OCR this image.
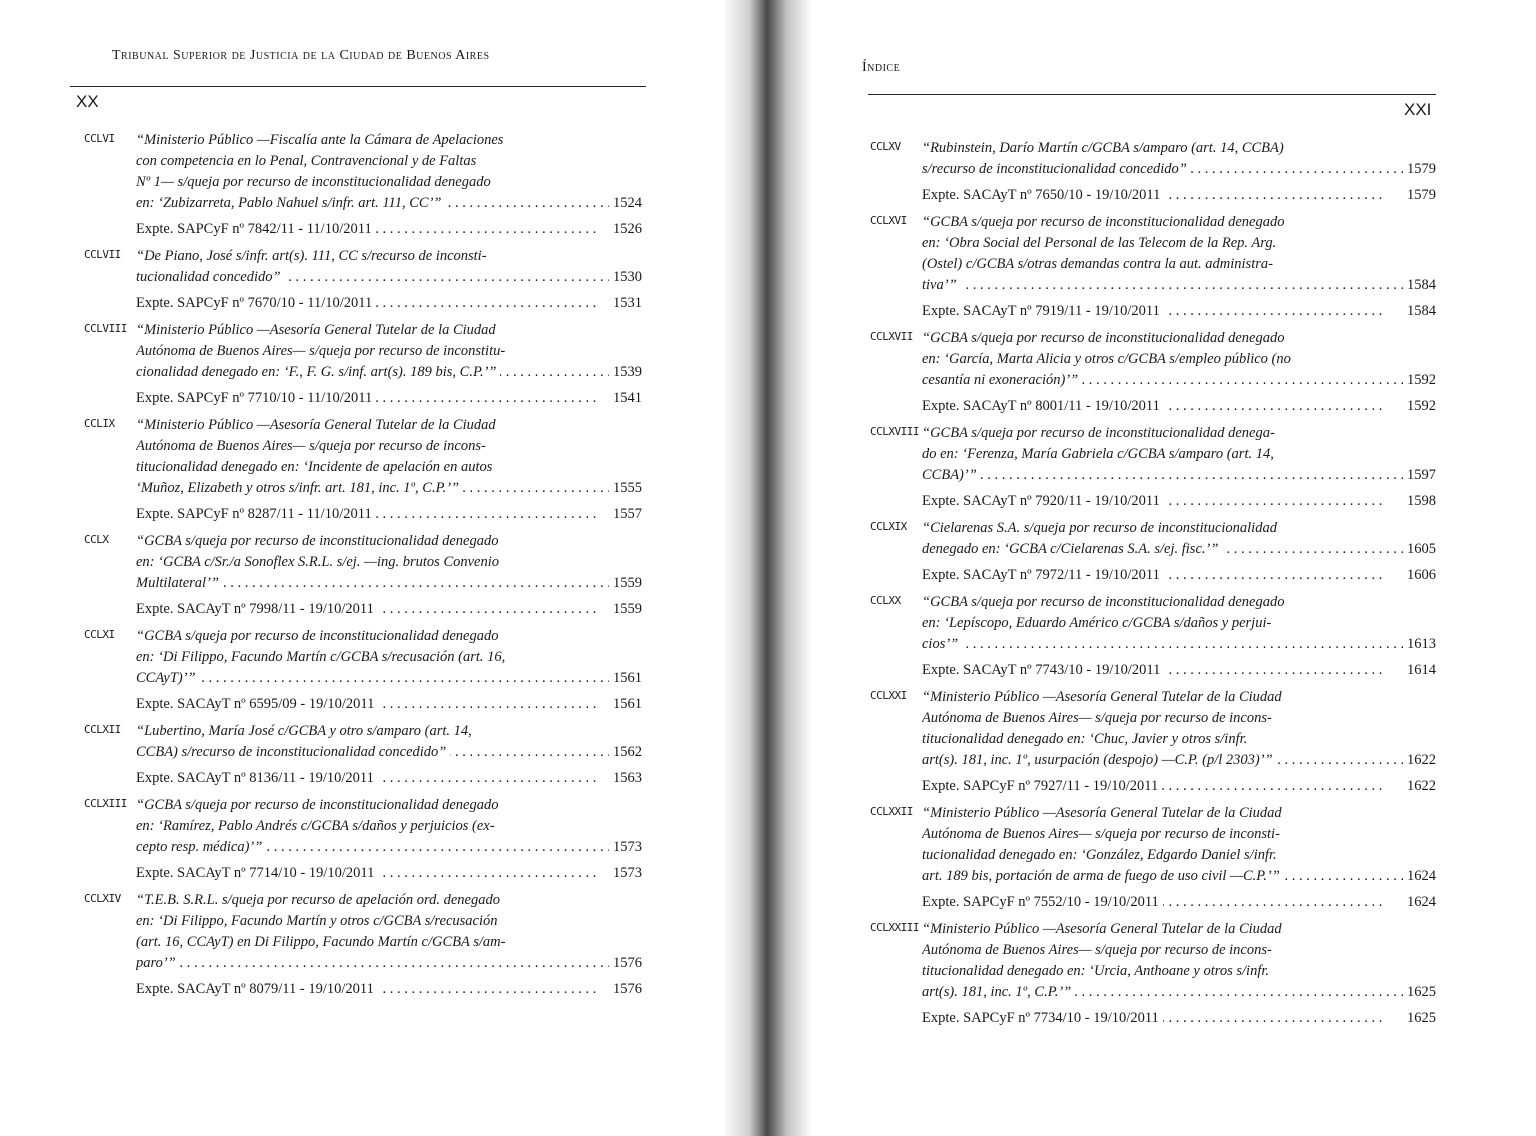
Tribunal Superior de Justicia de la Ciudad de Buenos Aires
XX
CCLVI “Ministerio Público —Fiscalía ante la Cámara de Apelaciones
con competencia en lo Penal, Contravencional y de Faltas
Nº 1— s/queja por recurso de inconstitucionalidad denegado
en: ‘Zubizarreta, Pablo Nahuel s/infr. art. 111, CC’”	1524
. . .
Expte. SAPCyF nº 7842/11 - 11/10/2011	1526
. . .
CCLVII “De Piano, José s/infr. art(s). 111, CC s/recurso de inconsti-
tucionalidad concedido”	1530
. . .
Expte. SAPCyF nº 7670/10 - 11/10/2011	1531
. . .
CCLVIII “Ministerio Público —Asesoría General Tutelar de la Ciudad
Autónoma de Buenos Aires— s/queja por recurso de inconstitu-
cionalidad denegado en: ‘F., F. G. s/inf. art(s). 189 bis, C.P.’”	1539
. . .
Expte. SAPCyF nº 7710/10 - 11/10/2011	1541
. . .
CCLIX “Ministerio Público —Asesoría General Tutelar de la Ciudad
Autónoma de Buenos Aires— s/queja por recurso de incons-
titucionalidad denegado en: ‘Incidente de apelación en autos
‘Muñoz, Elizabeth y otros s/infr. art. 181, inc. 1º, C.P.’”	1555
. . .
Expte. SAPCyF nº 8287/11 - 11/10/2011	1557
. . .
CCLX “GCBA s/queja por recurso de inconstitucionalidad denegado
en: ‘GCBA c/Sr./a Sonoflex S.R.L. s/ej. —ing. brutos Convenio
Multilateral’”	1559
. . .
Expte. SACAyT nº 7998/11 - 19/10/2011	1559
. . .
CCLXI “GCBA s/queja por recurso de inconstitucionalidad denegado
en: ‘Di Filippo, Facundo Martín c/GCBA s/recusación (art. 16,
CCAyT)’”	1561
. . .
Expte. SACAyT nº 6595/09 - 19/10/2011	1561
. . .
CCLXII “Lubertino, María José c/GCBA y otro s/amparo (art. 14,
CCBA) s/recurso de inconstitucionalidad concedido”	1562
. . .
Expte. SACAyT nº 8136/11 - 19/10/2011	1563
. . .
CCLXIII “GCBA s/queja por recurso de inconstitucionalidad denegado
en: ‘Ramírez, Pablo Andrés c/GCBA s/daños y perjuicios (ex-
cepto resp. médica)’”	1573
. . .
Expte. SACAyT nº 7714/10 - 19/10/2011	1573
. . .
CCLXIV “T.E.B. S.R.L. s/queja por recurso de apelación ord. denegado
en: ‘Di Filippo, Facundo Martín y otros c/GCBA s/recusación
(art. 16, CCAyT) en Di Filippo, Facundo Martín c/GCBA s/am-
paro’”	1576
. . .
Expte. SACAyT nº 8079/11 - 19/10/2011	1576
. . .
Índice
XXI
CCLXV “Rubinstein, Darío Martín c/GCBA s/amparo (art. 14, CCBA)
s/recurso de inconstitucionalidad concedido”	1579
. . .
Expte. SACAyT nº 7650/10 - 19/10/2011	1579
. . .
CCLXVI “GCBA s/queja por recurso de inconstitucionalidad denegado
en: ‘Obra Social del Personal de las Telecom de la Rep. Arg.
(Ostel) c/GCBA s/otras demandas contra la aut. administra-
tiva’”	1584
. . .
Expte. SACAyT nº 7919/11 - 19/10/2011	1584
. . .
CCLXVII “GCBA s/queja por recurso de inconstitucionalidad denegado
en: ‘García, Marta Alicia y otros c/GCBA s/empleo público (no
cesantía ni exoneración)’”	1592
. . .
Expte. SACAyT nº 8001/11 - 19/10/2011	1592
. . .
CCLXVIII “GCBA s/queja por recurso de inconstitucionalidad denega-
do en: ‘Ferenza, María Gabriela c/GCBA s/amparo (art. 14,
CCBA)’”	1597
. . .
Expte. SACAyT nº 7920/11 - 19/10/2011	1598
. . .
CCLXIX “Cielarenas S.A. s/queja por recurso de inconstitucionalidad
denegado en: ‘GCBA c/Cielarenas S.A. s/ej. fisc.’”	1605
. . .
Expte. SACAyT nº 7972/11 - 19/10/2011	1606
. . .
CCLXX “GCBA s/queja por recurso de inconstitucionalidad denegado
en: ‘Lepíscopo, Eduardo Américo c/GCBA s/daños y perjui-
cios’”	1613
. . .
Expte. SACAyT nº 7743/10 - 19/10/2011	1614
. . .
CCLXXI “Ministerio Público —Asesoría General Tutelar de la Ciudad
Autónoma de Buenos Aires— s/queja por recurso de incons-
titucionalidad denegado en: ‘Chuc, Javier y otros s/infr.
art(s). 181, inc. 1º, usurpación (despojo) —C.P. (p/l 2303)’”	1622
. . .
Expte. SAPCyF nº 7927/11 - 19/10/2011	1622
. . .
CCLXXII “Ministerio Público —Asesoría General Tutelar de la Ciudad
Autónoma de Buenos Aires— s/queja por recurso de inconsti-
tucionalidad denegado en: ‘González, Edgardo Daniel s/infr.
art. 189 bis, portación de arma de fuego de uso civil —C.P.’”	1624
. . .
Expte. SAPCyF nº 7552/10 - 19/10/2011	1624
. . .
CCLXXIII “Ministerio Público —Asesoría General Tutelar de la Ciudad
Autónoma de Buenos Aires— s/queja por recurso de incons-
titucionalidad denegado en: ‘Urcia, Anthoane y otros s/infr.
art(s). 181, inc. 1º, C.P.’”	1625
. . .
Expte. SAPCyF nº 7734/10 - 19/10/2011	1625
. . .
